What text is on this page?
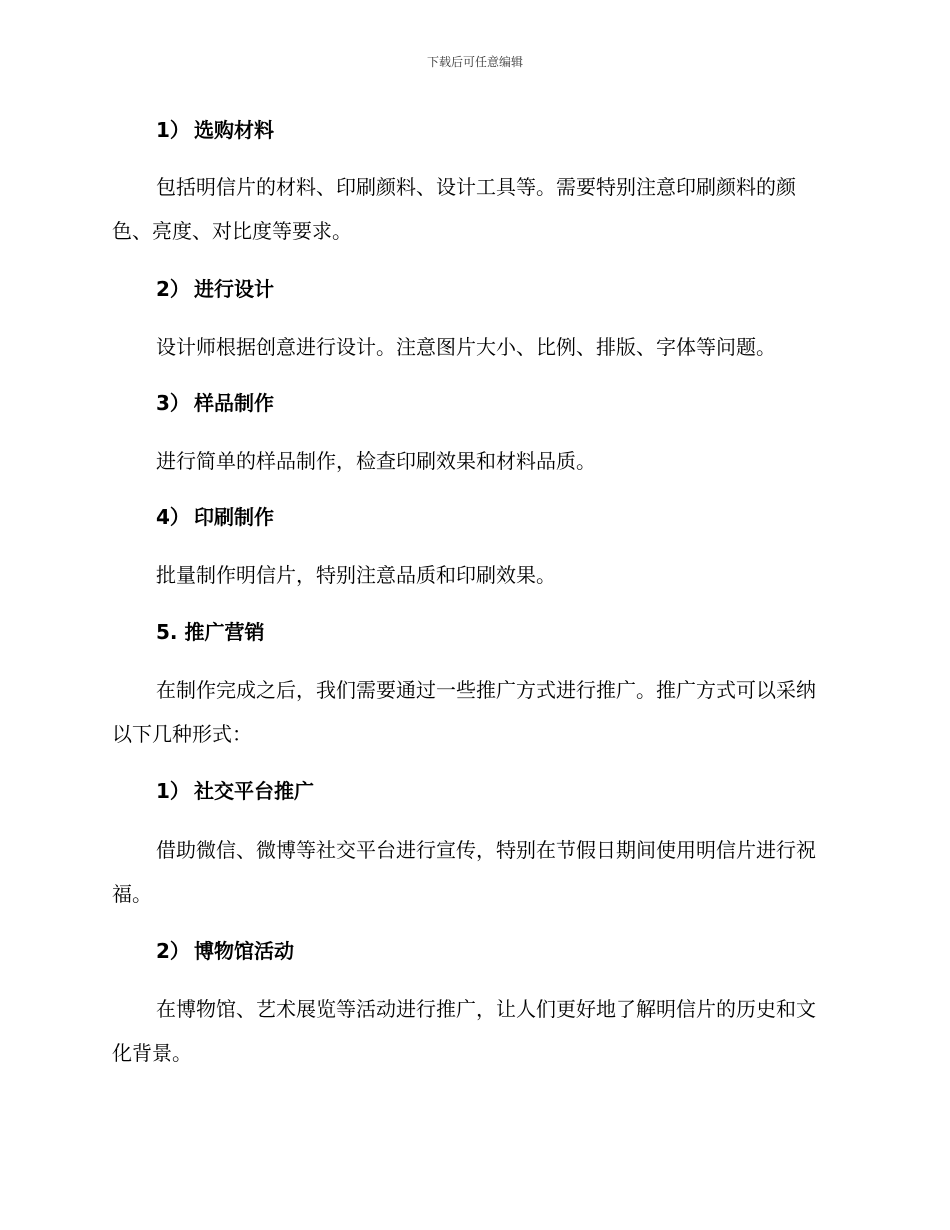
下载后可任意编辑
1） 选购材料
包括明信片的材料、印刷颜料、设计工具等。需要特别注意印刷颜料的颜色、亮度、对比度等要求。
2） 进行设计
设计师根据创意进行设计。注意图片大小、比例、排版、字体等问题。
3） 样品制作
进行简单的样品制作，检查印刷效果和材料品质。
4） 印刷制作
批量制作明信片，特别注意品质和印刷效果。
5. 推广营销
在制作完成之后，我们需要通过一些推广方式进行推广。推广方式可以采纳以下几种形式：
1） 社交平台推广
借助微信、微博等社交平台进行宣传，特别在节假日期间使用明信片进行祝福。
2） 博物馆活动
在博物馆、艺术展览等活动进行推广，让人们更好地了解明信片的历史和文化背景。
